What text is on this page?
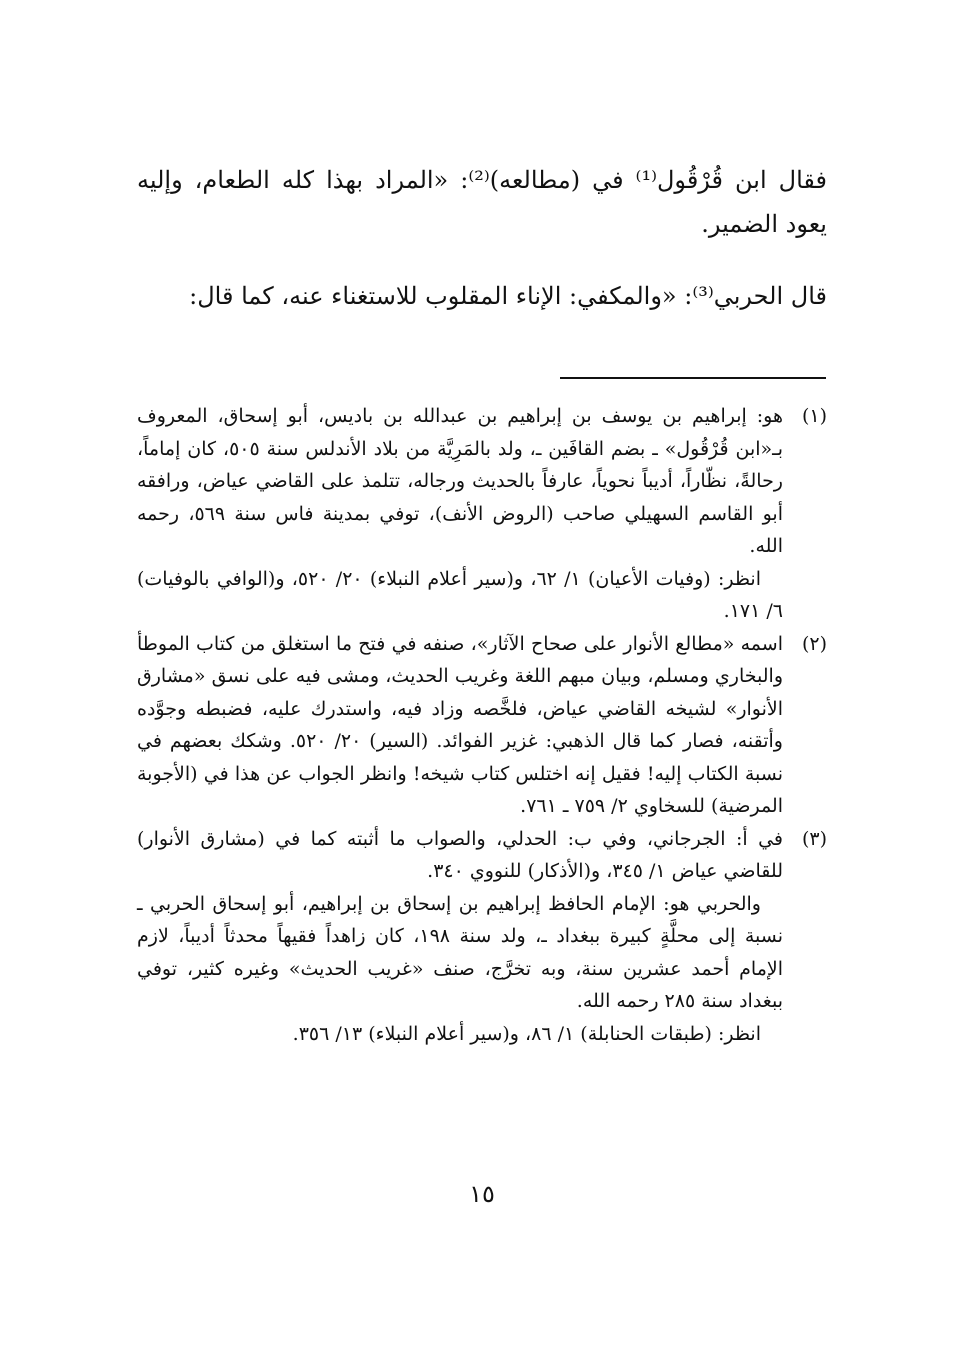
فقال ابن قُرْقُول⁽¹⁾ في (مطالعه)⁽²⁾: «المراد بهذا كله الطعام، وإليه يعود الضمير.

قال الحربي⁽³⁾: «والمكفي: الإناء المقلوب للاستغناء عنه، كما قال:

(١)

هو: إبراهيم بن يوسف بن إبراهيم بن عبدالله بن باديس، أبو إسحاق، المعروف بـ«ابن قُرْقُول» ـ بضم القافَين ـ، ولد بالمَرِيَّة من بلاد الأندلس سنة ٥٠٥، كان إماماً، رحالةً، نظّاراً، أديباً نحوياً، عارفاً بالحديث ورجاله، تتلمذ على القاضي عياض، ورافقه أبو القاسم السهيلي صاحب (الروض الأنف)، توفي بمدينة فاس سنة ٥٦٩، رحمه الله.

انظر: (وفيات الأعيان) ١/ ٦٢، و(سير أعلام النبلاء) ٢٠/ ٥٢٠، و(الوافي بالوفيات) ٦/ ١٧١.

(٢)

اسمه «مطالع الأنوار على صحاح الآثار»، صنفه في فتح ما استغلق من كتاب الموطأ والبخاري ومسلم، وبيان مبهم اللغة وغريب الحديث، ومشى فيه على نسق «مشارق الأنوار» لشيخه القاضي عياض، فلخَّصه وزاد فيه، واستدرك عليه، فضبطه وجوَّده وأتقنه، فصار كما قال الذهبي: غزير الفوائد. (السير) ٢٠/ ٥٢٠. وشكك بعضهم في نسبة الكتاب إليه! فقيل إنه اختلس كتاب شيخه! وانظر الجواب عن هذا في (الأجوبة المرضية) للسخاوي ٢/ ٧٥٩ ـ ٧٦١.

(٣)

في أ: الجرجاني، وفي ب: الحدلي، والصواب ما أثبته كما في (مشارق الأنوار) للقاضي عياض ١/ ٣٤٥، و(الأذكار) للنووي ٣٤٠.

والحربي هو: الإمام الحافظ إبراهيم بن إسحاق بن إبراهيم، أبو إسحاق الحربي ـ نسبة إلى محلَّةٍ كبيرة ببغداد ـ، ولد سنة ١٩٨، كان زاهداً فقيهاً محدثاً أديباً، لازم الإمام أحمد عشرين سنة، وبه تخرَّج، صنف «غريب الحديث» وغيره كثير، توفي ببغداد سنة ٢٨٥ رحمه الله.

انظر: (طبقات الحنابلة) ١/ ٨٦، و(سير أعلام النبلاء) ١٣/ ٣٥٦.

١٥
